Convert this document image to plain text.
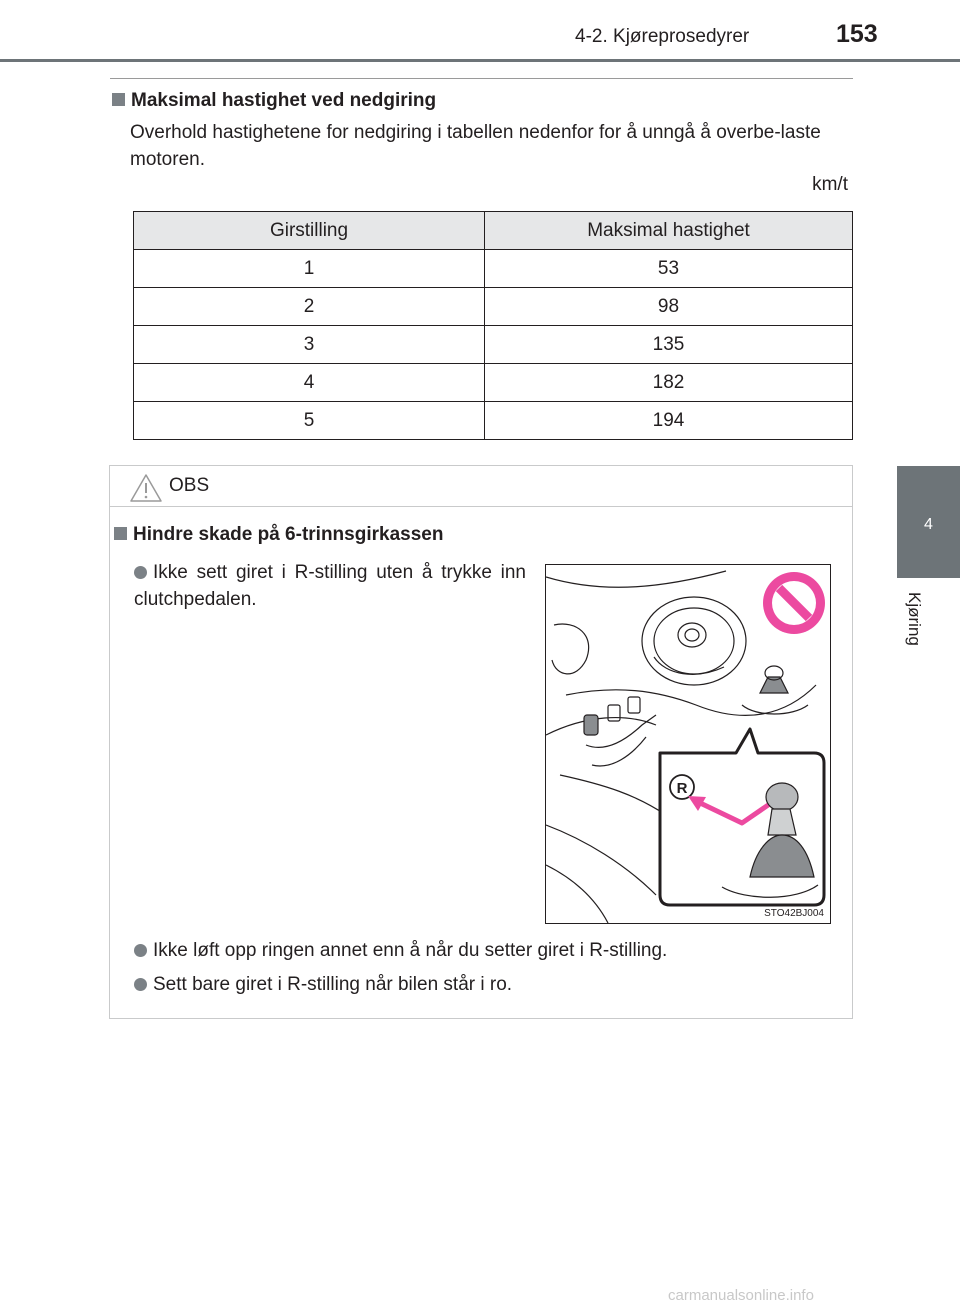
4-2. Kjøreprosedyrer	153
4
Kjøring
Maksimal hastighet ved nedgiring
Overhold hastighetene for nedgiring i tabellen nedenfor for å unngå å overbe-laste motoren.
km/t
Girstilling	Maksimal hastighet
1	53
2	98
3	135
4	182
5	194
OBS
Hindre skade på 6-trinnsgirkassen
Ikke sett giret i R-stilling uten å trykke inn clutchpedalen.
R
STO42BJ004
Ikke løft opp ringen annet enn å når du setter giret i R-stilling.
Sett bare giret i R-stilling når bilen står i ro.
carmanualsonline.info
